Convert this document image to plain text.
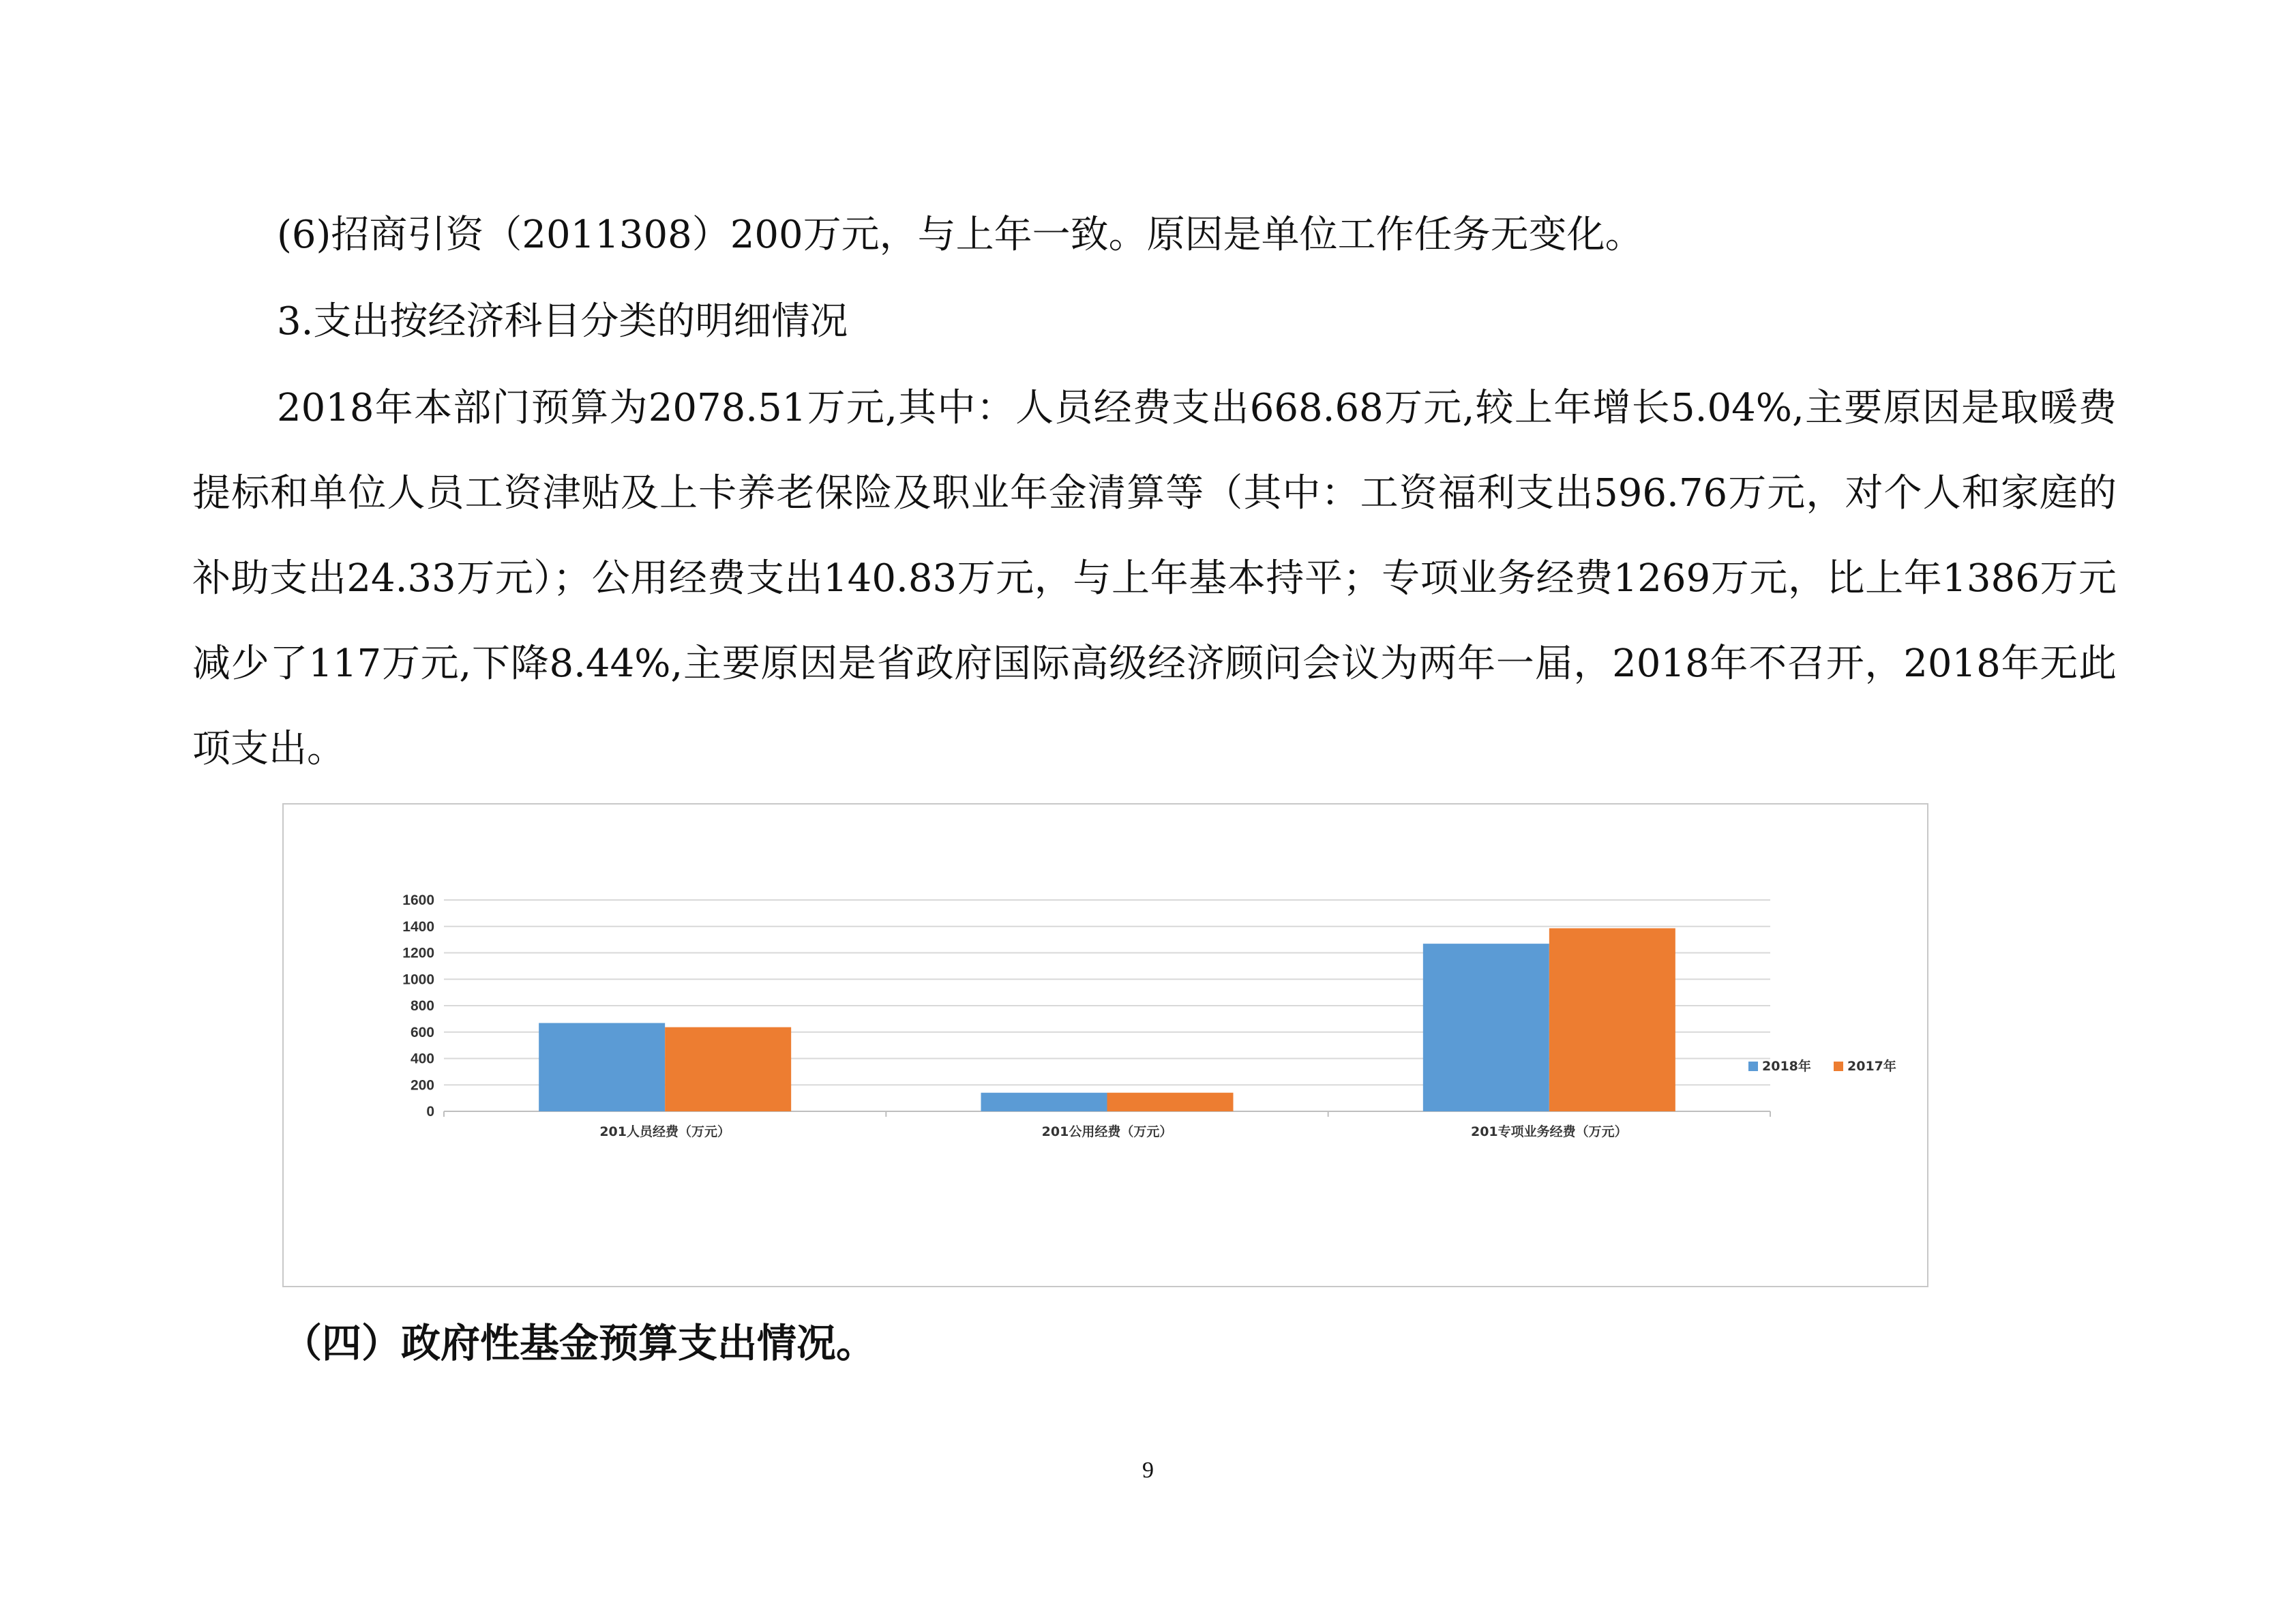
(6)招商引资（2011308）200万元，与上年一致。原因是单位工作任务无变化。

3.支出按经济科目分类的明细情况

2018年本部门预算为2078.51万元,其中：人员经费支出668.68万元,较上年增长5.04%,主要原因是取暖费提标和单位人员工资津贴及上卡养老保险及职业年金清算等（其中：工资福利支出596.76万元，对个人和家庭的补助支出24.33万元）；公用经费支出140.83万元，与上年基本持平；专项业务经费1269万元，比上年1386万元减少了117万元,下降8.44%,主要原因是省政府国际高级经济顾问会议为两年一届，2018年不召开，2018年无此项支出。

0
200
400
600
800
1000
1200
1400
1600
201人员经费（万元）	201公用经费（万元）	201专项业务经费（万元）
2018年	2017年
（四）政府性基金预算支出情况。
9
